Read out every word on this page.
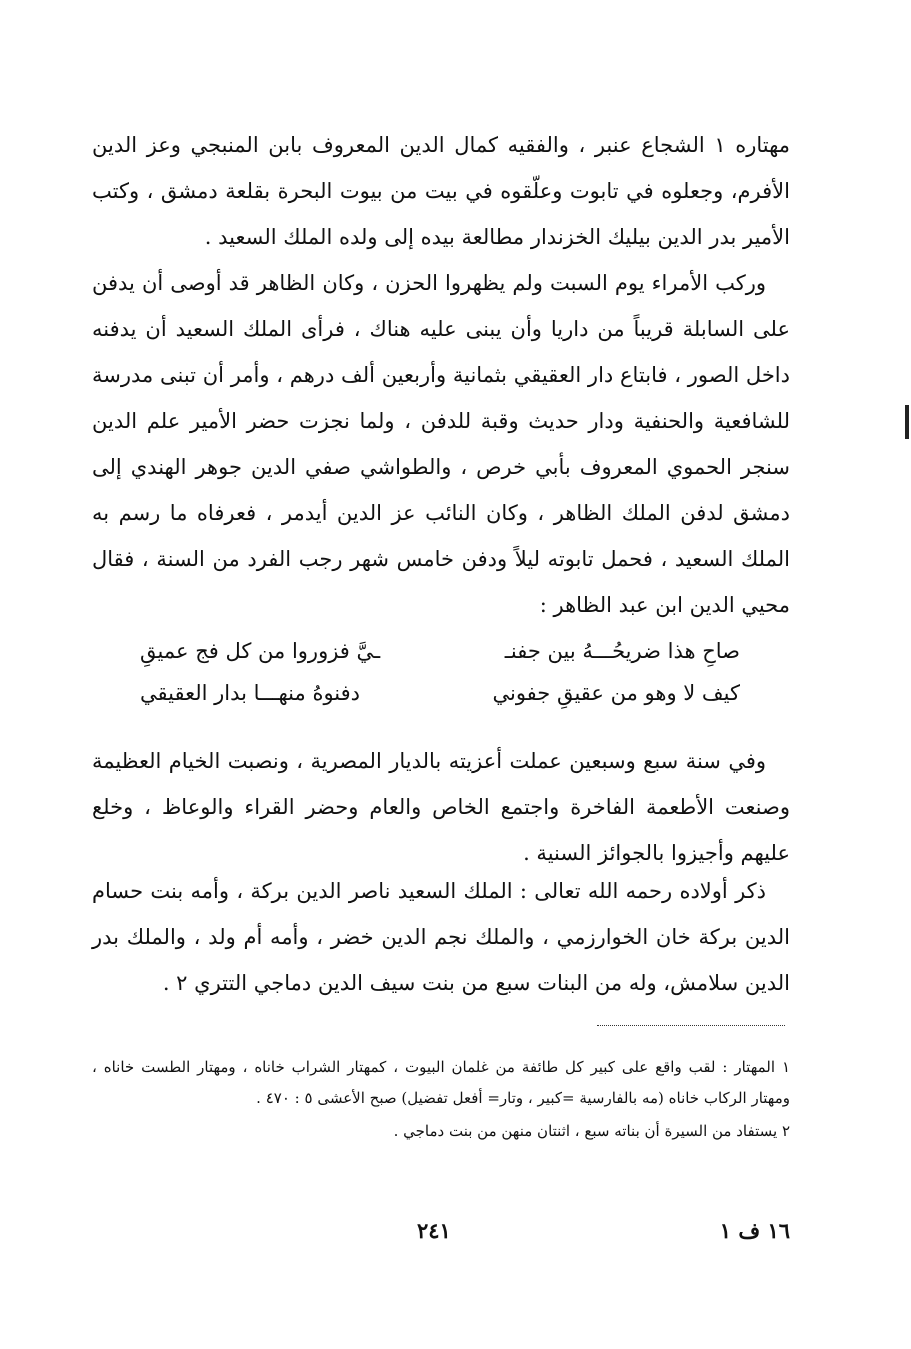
مهتاره ١ الشجاع عنبر ، والفقيه كمال الدين المعروف بابن المنبجي وعز الدين الأفرم، وجعلوه في تابوت وعلّقوه في بيت من بيوت البحرة بقلعة دمشق ، وكتب الأمير بدر الدين بيليك الخزندار مطالعة بيده إلى ولده الملك السعيد .

وركب الأمراء يوم السبت ولم يظهروا الحزن ، وكان الظاهر قد أوصى أن يدفن على السابلة قريباً من داريا وأن يبنى عليه هناك ، فرأى الملك السعيد أن يدفنه داخل الصور ، فابتاع دار العقيقي بثمانية وأربعين ألف درهم ، وأمر أن تبنى مدرسة للشافعية والحنفية ودار حديث وقبة للدفن ، ولما نجزت حضر الأمير علم الدين سنجر الحموي المعروف بأبي خرص ، والطواشي صفي الدين جوهر الهندي إلى دمشق لدفن الملك الظاهر ، وكان النائب عز الدين أيدمر ، فعرفاه ما رسم به الملك السعيد ، فحمل تابوته ليلاً ودفن خامس شهر رجب الفرد من السنة ، فقال محيي الدين ابن عبد الظاهر :

صاحِ هذا ضريحُـــهُ بين جفنـ
ـيَّ فزوروا من كل فج عميقِ
كيف لا وهو من عقيقِ جفوني
دفنوهُ منهـــا بدار العقيقي

وفي سنة سبع وسبعين عملت أعزيته بالديار المصرية ، ونصبت الخيام العظيمة وصنعت الأطعمة الفاخرة واجتمع الخاص والعام وحضر القراء والوعاظ ، وخلع عليهم وأجيزوا بالجوائز السنية .

ذكر أولاده رحمه الله تعالى : الملك السعيد ناصر الدين بركة ، وأمه بنت حسام الدين بركة خان الخوارزمي ، والملك نجم الدين خضر ، وأمه أم ولد ، والملك بدر الدين سلامش، وله من البنات سبع من بنت سيف الدين دماجي التتري ٢ .

١ المهتار : لقب واقع على كبير كل طائفة من غلمان البيوت ، كمهتار الشراب خاناه ، ومهتار الطست خاناه ، ومهتار الركاب خاناه (مه بالفارسية =كبير ، وتار= أفعل تفضيل) صبح الأعشى ٥ : ٤٧٠ .

٢ يستفاد من السيرة أن بناته سبع ، اثنتان منهن من بنت دماجي .

١٦ ف ١
٢٤١
